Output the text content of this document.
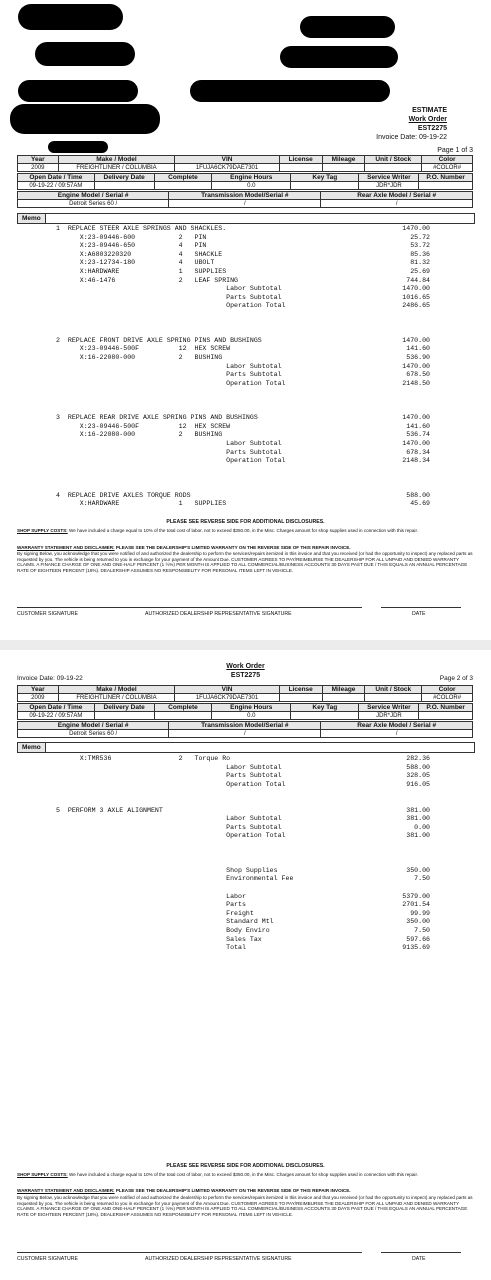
ESTIMATE
Work Order
EST2275
Invoice Date: 09-19-22
Page 1 of 3
Year	Make / Model	VIN	License	Mileage	Unit / Stock	Color
2009	FREIGHTLINER / COLUMBIA	1FUJA6CK79DAE7301				#COLOR#
Open Date / Time	Delivery Date	Complete	Engine Hours	Key Tag	Service Writer	P.O. Number
09-19-22 / 09:57AM			0.0		JDR*JDR	
Engine Model / Serial #	Transmission Model/Serial #	Rear Axle Model / Serial #
Detroit Series 60 /	/	/
Memo
1  REPLACE STEER AXLE SPRINGS AND SHACKLES.	1470.00
X:23-09446-600           2   PIN	25.72
X:23-09446-650           4   PIN	53.72
X:A6803220320            4   SHACKLE	85.36
X:23-12734-180           4   UBOLT	81.32
X:HARDWARE               1   SUPPLIES	25.69
X:46-1476                2   LEAF SPRING	744.84
Labor Subtotal	1470.00
Parts Subtotal	1016.65
Operation Total	2486.65
2  REPLACE FRONT DRIVE AXLE SPRING PINS AND BUSHINGS	1470.00
X:23-09446-500F          12  HEX SCREW	141.60
X:16-22080-000           2   BUSHING	536.90
Labor Subtotal	1470.00
Parts Subtotal	678.50
Operation Total	2148.50
3  REPLACE REAR DRIVE AXLE SPRING PINS AND BUSHINGS	1470.00
X:23-09446-500F          12  HEX SCREW	141.60
X:16-22080-000           2   BUSHING	536.74
Labor Subtotal	1470.00
Parts Subtotal	678.34
Operation Total	2148.34
4  REPLACE DRIVE AXLES TORQUE RODS	588.00
X:HARDWARE               1   SUPPLIES	45.69
PLEASE SEE REVERSE SIDE FOR ADDITIONAL DISCLOSURES.
SHOP SUPPLY COSTS: We have included a charge equal to 10% of the total cost of labor, not to exceed $350.00, in the Misc. Charges amount for shop supplies used in connection with this repair.
WARRANTY STATEMENT AND DISCLAIMER: PLEASE SEE THE DEALERSHIP'S LIMITED WARRANTY ON THE REVERSE SIDE OF THIS REPAIR INVOICE.
By signing Below, you acknowledge that you were notified of and authorized the dealership to perform the services/repairs itemized in this invoice and that you received (or had the opportunity to inspect) any replaced parts as requested by you. The vehicle is being returned to you in exchange for your payment of the Amount Due. CUSTOMER AGREES TO PAY/REIMBURSE THE DEALERSHIP FOR ALL UNPAID AND DENIED WARRANTY CLAIMS. A FINANCE CHARGE OF ONE AND ONE-HALF PERCENT (1 ½%) PER MONTH IS APPLIED TO ALL COMMERCIAL/BUSINESS ACCOUNTS 30 DAYS PAST DUE / THIS EQUALS AN ANNUAL PERCENTAGE RATE OF EIGHTEEN PERCENT (18%). DEALERSHIP ASSUMES NO RESPONSIBILITY FOR PERSONAL ITEMS LEFT IN VEHICLE.
CUSTOMER SIGNATURE	AUTHORIZED DEALERSHIP REPRESENTATIVE SIGNATURE	DATE
Work Order
EST2275
Invoice Date: 09-19-22	Page 2 of 3
Year	Make / Model	VIN	License	Mileage	Unit / Stock	Color
2009	FREIGHTLINER / COLUMBIA	1FUJA6CK79DAE7301				#COLOR#
Open Date / Time	Delivery Date	Complete	Engine Hours	Key Tag	Service Writer	P.O. Number
09-19-22 / 09:57AM			0.0		JDR*JDR	
Engine Model / Serial #	Transmission Model/Serial #	Rear Axle Model / Serial #
Detroit Series 60 /	/	/
Memo
X:TMR536                 2   Torque Ro	282.36
Labor Subtotal	588.00
Parts Subtotal	328.05
Operation Total	916.05
5  PERFORM 3 AXLE ALIGNMENT	381.00
Labor Subtotal	381.00
Parts Subtotal	0.00
Operation Total	381.00
Shop Supplies	350.00
Environmental Fee	7.50
Labor	5379.00
Parts	2701.54
Freight	99.99
Standard Mtl	350.00
Body Enviro	7.50
Sales Tax	597.66
Total	9135.69
PLEASE SEE REVERSE SIDE FOR ADDITIONAL DISCLOSURES.
SHOP SUPPLY COSTS: We have included a charge equal to 10% of the total cost of labor, not to exceed $350.00, in the Misc. Charges amount for shop supplies used in connection with this repair.
WARRANTY STATEMENT AND DISCLAIMER: PLEASE SEE THE DEALERSHIP'S LIMITED WARRANTY ON THE REVERSE SIDE OF THIS REPAIR INVOICE.
By signing Below, you acknowledge that you were notified of and authorized the dealership to perform the services/repairs itemized in this invoice and that you received (or had the opportunity to inspect) any replaced parts as requested by you. The vehicle is being returned to you in exchange for your payment of the Amount Due. CUSTOMER AGREES TO PAY/REIMBURSE THE DEALERSHIP FOR ALL UNPAID AND DENIED WARRANTY CLAIMS. A FINANCE CHARGE OF ONE AND ONE-HALF PERCENT (1 ½%) PER MONTH IS APPLIED TO ALL COMMERCIAL/BUSINESS ACCOUNTS 30 DAYS PAST DUE / THIS EQUALS AN ANNUAL PERCENTAGE RATE OF EIGHTEEN PERCENT (18%). DEALERSHIP ASSUMES NO RESPONSIBILITY FOR PERSONAL ITEMS LEFT IN VEHICLE.
CUSTOMER SIGNATURE	AUTHORIZED DEALERSHIP REPRESENTATIVE SIGNATURE	DATE
